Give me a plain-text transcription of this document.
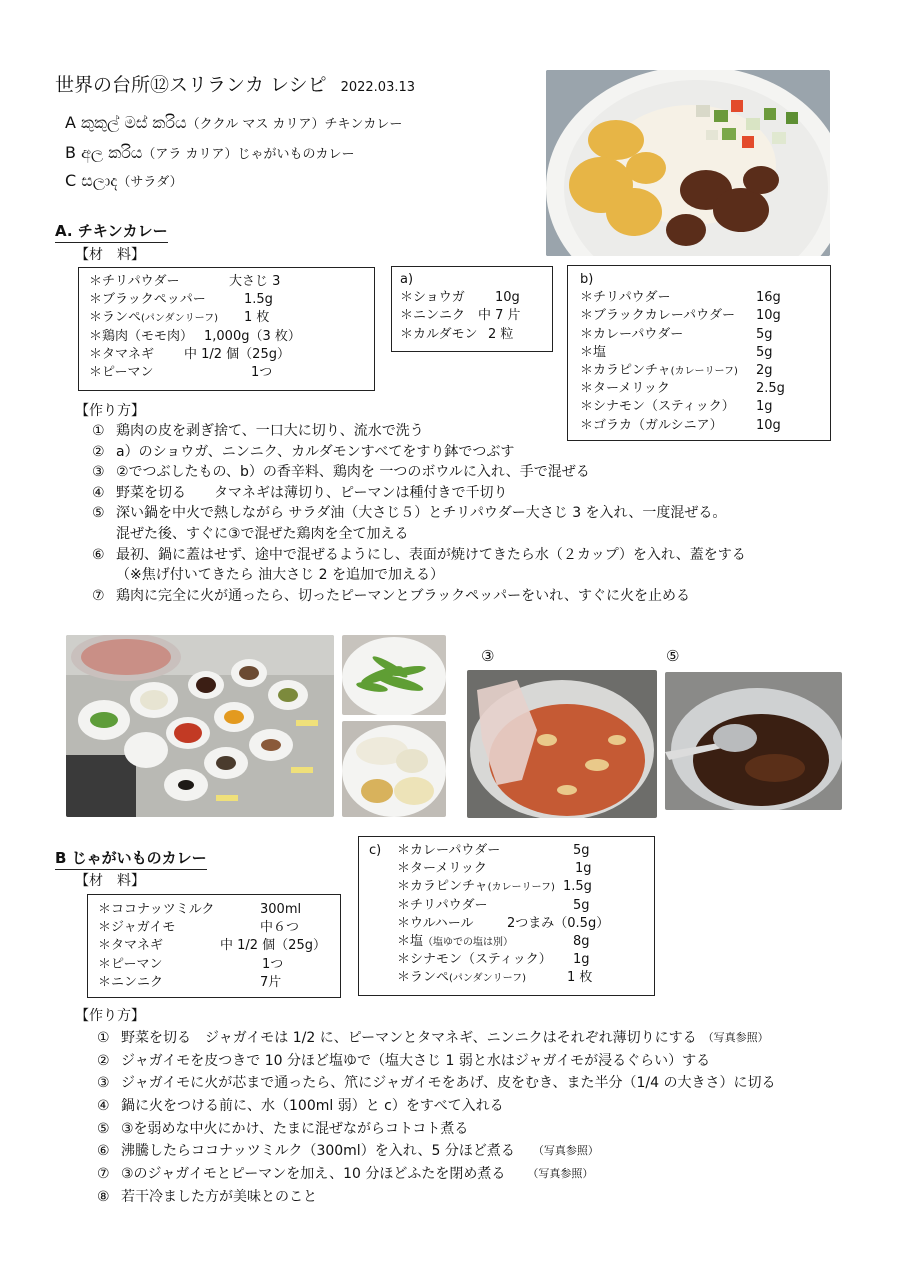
世界の台所⑫スリランカ レシピ 2022.03.13
A කුකුල් මස් කරිය（ククル マス カリア）チキンカレー
B අල කරිය（アラ カリア）じゃがいものカレー
C සලාද（サラダ）
A. チキンカレー
【材　料】
＊チリパウダー	大さじ 3
＊ブラックペッパー	1.5g
＊ランペ(パンダンリーフ)	1 枚
＊鶏肉（モモ肉） 1,000g（3 枚）
＊タマネギ	中 1/2 個（25g）
＊ピーマン	1つ
a)
＊ショウガ	10g
＊ニンニク 中 7 片
＊カルダモン 2 粒
b)
＊チリパウダー	16g
＊ブラックカレーパウダー	10g
＊カレーパウダー	5g
＊塩	5g
＊カラピンチャ(カレーリーフ)	2g
＊ターメリック	2.5g
＊シナモン（スティック）	1g
＊ゴラカ（ガルシニア）	10g
【作り方】
① 鶏肉の皮を剥ぎ捨て、一口大に切り、流水で洗う
② a）のショウガ、ニンニク、カルダモンすべてをすり鉢でつぶす
③ ②でつぶしたもの、b）の香辛料、鶏肉を 一つのボウルに入れ、手で混ぜる
④ 野菜を切る　　タマネギは薄切り、ピーマンは種付きで千切り
⑤ 深い鍋を中火で熱しながら サラダ油（大さじ５）とチリパウダー大さじ 3 を入れ、一度混ぜる。
混ぜた後、すぐに③で混ぜた鶏肉を全て加える
⑥ 最初、鍋に蓋はせず、途中で混ぜるようにし、表面が焼けてきたら水（２カップ）を入れ、蓋をする
（※焦げ付いてきたら 油大さじ 2 を追加で加える）
⑦ 鶏肉に完全に火が通ったら、切ったピーマンとブラックペッパーをいれ、すぐに火を止める
③	⑤
B じゃがいものカレー
【材　料】
＊ココナッツミルク	300ml
＊ジャガイモ	中６つ
＊タマネギ	中 1/2 個（25g）
＊ピーマン	1つ
＊ニンニク	7片
c)	＊カレーパウダー	5g
＊ターメリック	1g
＊カラピンチャ(カレーリーフ) 1.5g
＊チリパウダー	5g
＊ウルハール	2つまみ（0.5g）
＊塩（塩ゆでの塩は別）	8g
＊シナモン（スティック）	1g
＊ランペ(パンダンリーフ)	1 枚
【作り方】
① 野菜を切る　ジャガイモは 1/2 に、ピーマンとタマネギ、ニンニクはそれぞれ薄切りにする （写真参照）
② ジャガイモを皮つきで 10 分ほど塩ゆで（塩大さじ 1 弱と水はジャガイモが浸るぐらい）する
③ ジャガイモに火が芯まで通ったら、笊にジャガイモをあげ、皮をむき、また半分（1/4 の大きさ）に切る
④ 鍋に火をつける前に、水（100ml 弱）と c）をすべて入れる
⑤ ③を弱めな中火にかけ、たまに混ぜながらコトコト煮る
⑥ 沸騰したらココナッツミルク（300ml）を入れ、5 分ほど煮る （写真参照）
⑦ ③のジャガイモとピーマンを加え、10 分ほどふたを閉め煮る （写真参照）
⑧ 若干冷ました方が美味とのこと
